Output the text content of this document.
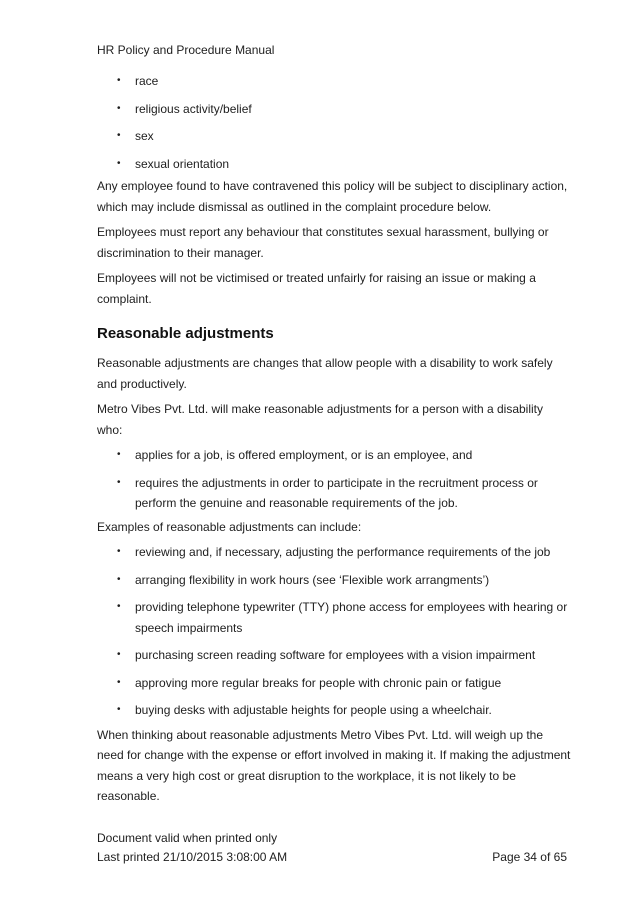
HR Policy and Procedure Manual
• race
• religious activity/belief
• sex
• sexual orientation

Any employee found to have contravened this policy will be subject to disciplinary action, which may include dismissal as outlined in the complaint procedure below.

Employees must report any behaviour that constitutes sexual harassment, bullying or discrimination to their manager.

Employees will not be victimised or treated unfairly for raising an issue or making a complaint.

Reasonable adjustments

Reasonable adjustments are changes that allow people with a disability to work safely and productively.

Metro Vibes Pvt. Ltd. will make reasonable adjustments for a person with a disability who:

• applies for a job, is offered employment, or is an employee, and
• requires the adjustments in order to participate in the recruitment process or perform the genuine and reasonable requirements of the job.

Examples of reasonable adjustments can include:

• reviewing and, if necessary, adjusting the performance requirements of the job
• arranging flexibility in work hours (see ‘Flexible work arrangments’)
• providing telephone typewriter (TTY) phone access for employees with hearing or speech impairments
• purchasing screen reading software for employees with a vision impairment
• approving more regular breaks for people with chronic pain or fatigue
• buying desks with adjustable heights for people using a wheelchair.

When thinking about reasonable adjustments Metro Vibes Pvt. Ltd. will weigh up the need for change with the expense or effort involved in making it. If making the adjustment means a very high cost or great disruption to the workplace, it is not likely to be reasonable.

Document valid when printed only
Last printed 21/10/2015 3:08:00 AM	Page 34 of 65
